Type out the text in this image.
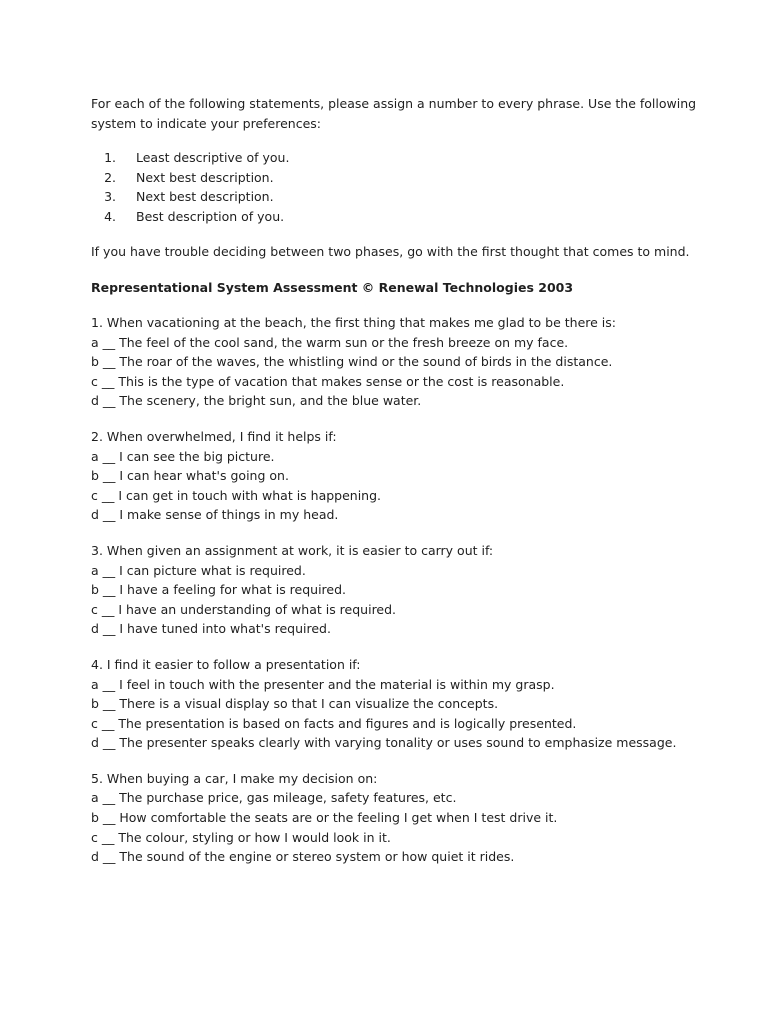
For each of the following statements, please assign a number to every phrase. Use the following
system to indicate your preferences:

1.	Least descriptive of you.
2.	Next best description.
3.	Next best description.
4.	Best description of you.

If you have trouble deciding between two phases, go with the first thought that comes to mind.

Representational System Assessment © Renewal Technologies 2003

1. When vacationing at the beach, the first thing that makes me glad to be there is:
a __ The feel of the cool sand, the warm sun or the fresh breeze on my face.
b __ The roar of the waves, the whistling wind or the sound of birds in the distance.
c __ This is the type of vacation that makes sense or the cost is reasonable.
d __ The scenery, the bright sun, and the blue water.
2. When overwhelmed, I find it helps if:
a __ I can see the big picture.
b __ I can hear what's going on.
c __ I can get in touch with what is happening.
d __ I make sense of things in my head.
3. When given an assignment at work, it is easier to carry out if:
a __ I can picture what is required.
b __ I have a feeling for what is required.
c __ I have an understanding of what is required.
d __ I have tuned into what's required.
4. I find it easier to follow a presentation if:
a __ I feel in touch with the presenter and the material is within my grasp.
b __ There is a visual display so that I can visualize the concepts.
c __ The presentation is based on facts and figures and is logically presented.
d __ The presenter speaks clearly with varying tonality or uses sound to emphasize message.
5. When buying a car, I make my decision on:
a __ The purchase price, gas mileage, safety features, etc.
b __ How comfortable the seats are or the feeling I get when I test drive it.
c __ The colour, styling or how I would look in it.
d __ The sound of the engine or stereo system or how quiet it rides.
